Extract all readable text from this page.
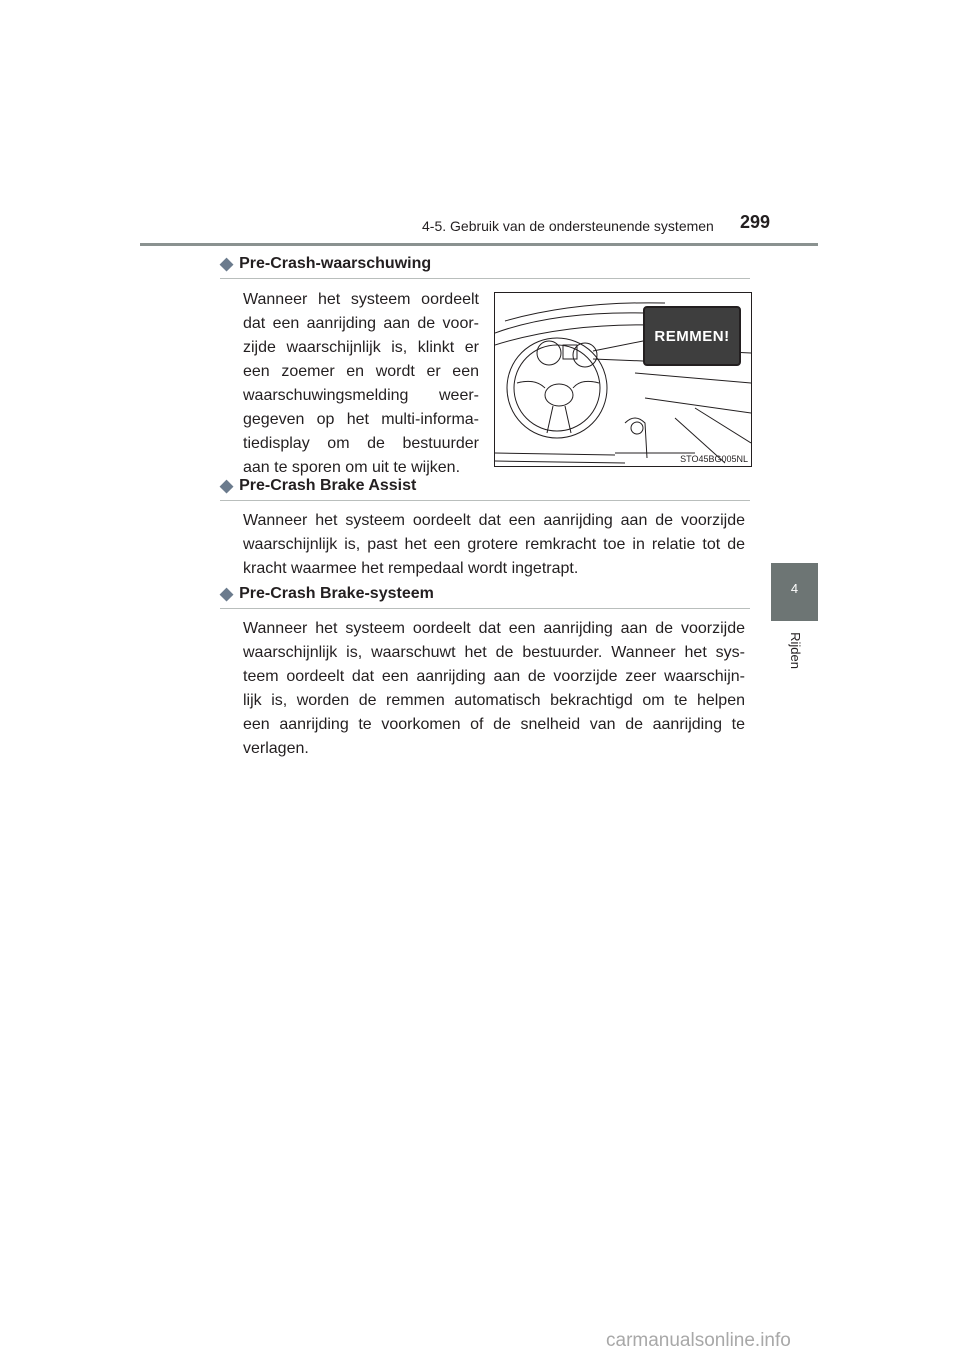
4-5. Gebruik van de ondersteunende systemen 299
4
Rijden
◆ Pre-Crash-waarschuwing
Wanneer het systeem oordeelt
dat een aanrijding aan de voor-
zijde waarschijnlijk is, klinkt er
een zoemer en wordt er een
waarschuwingsmelding weer-
gegeven op het multi-informa-
tiedisplay om de bestuurder
aan te sporen om uit te wijken.	STO45BG005NL
REMMEN!
◆ Pre-Crash Brake Assist
Wanneer het systeem oordeelt dat een aanrijding aan de voorzijde
waarschijnlijk is, past het een grotere remkracht toe in relatie tot de
kracht waarmee het rempedaal wordt ingetrapt.
◆ Pre-Crash Brake-systeem
Wanneer het systeem oordeelt dat een aanrijding aan de voorzijde
waarschijnlijk is, waarschuwt het de bestuurder. Wanneer het sys-
teem oordeelt dat een aanrijding aan de voorzijde zeer waarschijn-
lijk is, worden de remmen automatisch bekrachtigd om te helpen
een aanrijding te voorkomen of de snelheid van de aanrijding te
verlagen.
carmanualsonline.info
